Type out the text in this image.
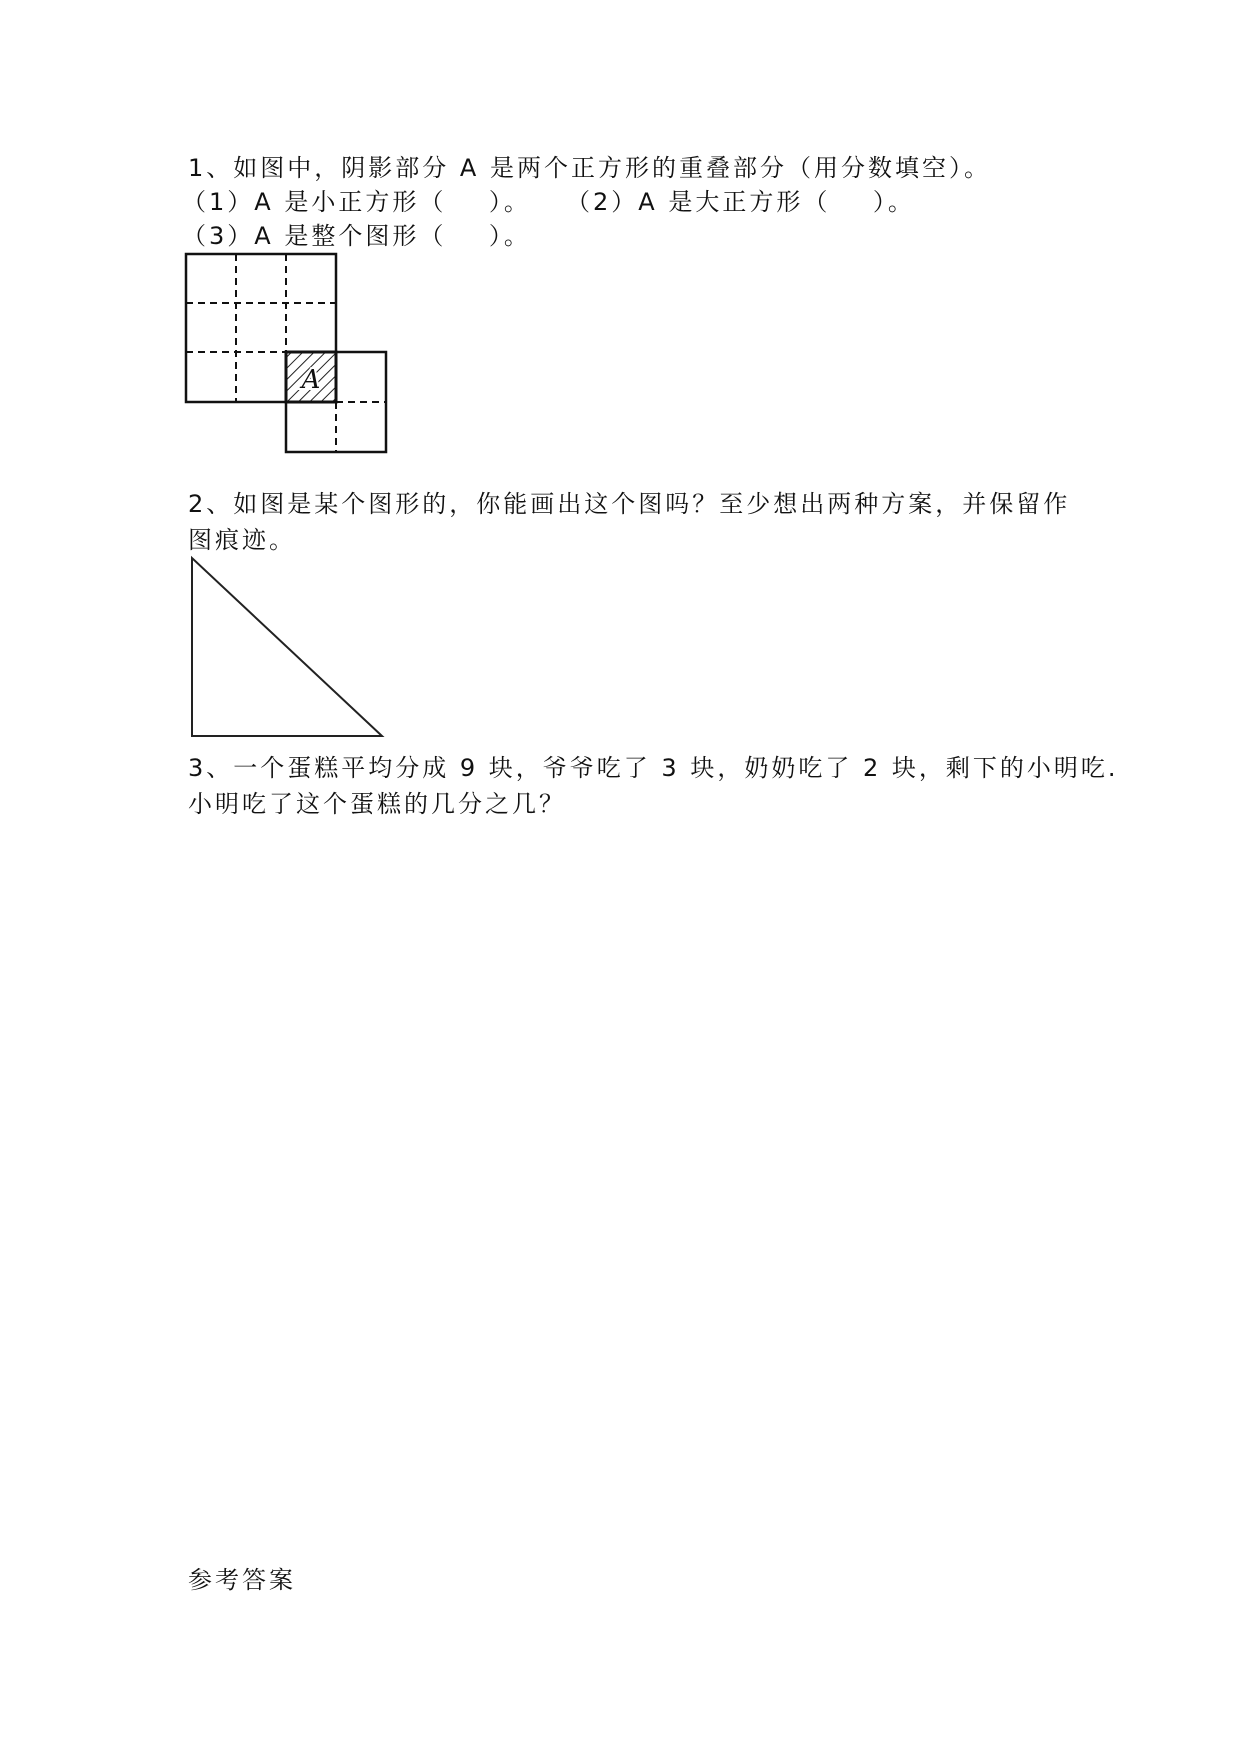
1、如图中，阴影部分 A 是两个正方形的重叠部分（用分数填空）。
（1）A 是小正方形（    ）。 （2）A 是大正方形（    ）。
（3）A 是整个图形（    ）。
A
2、如图是某个图形的，你能画出这个图吗？至少想出两种方案，并保留作
图痕迹。
3、一个蛋糕平均分成 9 块，爷爷吃了 3 块，奶奶吃了 2 块，剩下的小明吃.
小明吃了这个蛋糕的几分之几？
参考答案
